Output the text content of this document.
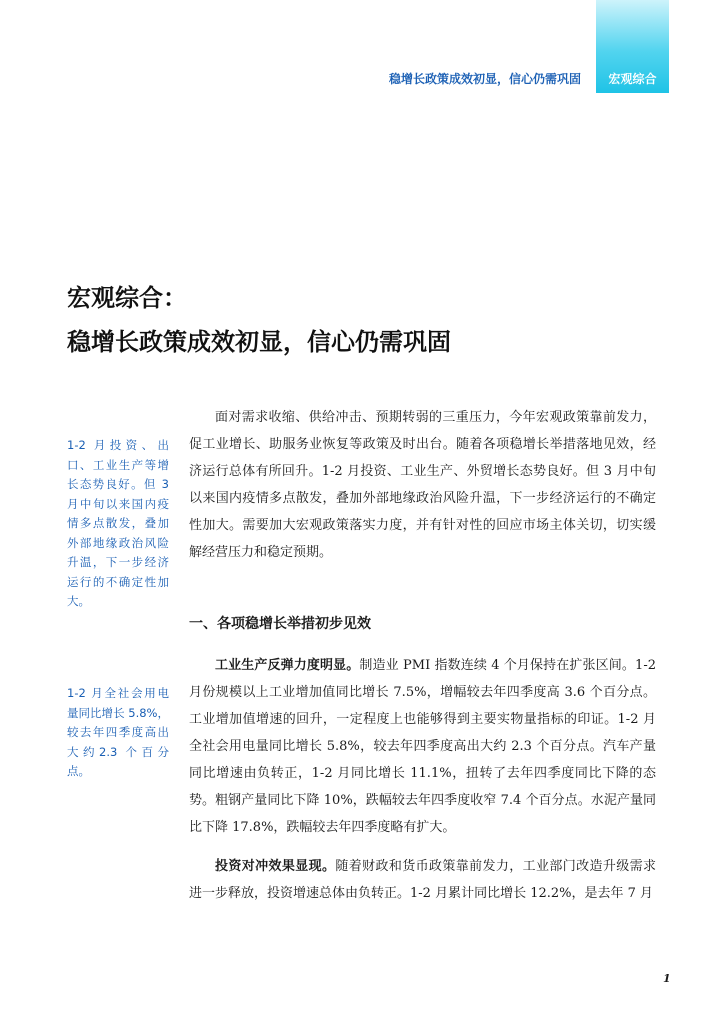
宏观综合
稳增长政策成效初显，信心仍需巩固
宏观综合：
稳增长政策成效初显，信心仍需巩固
1-2 月投资、出口、工业生产等增长态势良好。但 3 月中旬以来国内疫情多点散发，叠加外部地缘政治风险升温，下一步经济运行的不确定性加大。

面对需求收缩、供给冲击、预期转弱的三重压力，今年宏观政策靠前发力，促工业增长、助服务业恢复等政策及时出台。随着各项稳增长举措落地见效，经济运行总体有所回升。1-2 月投资、工业生产、外贸增长态势良好。但 3 月中旬以来国内疫情多点散发，叠加外部地缘政治风险升温，下一步经济运行的不确定性加大。需要加大宏观政策落实力度，并有针对性的回应市场主体关切，切实缓解经营压力和稳定预期。

一、各项稳增长举措初步见效
1-2 月全社会用电量同比增长 5.8%，较去年四季度高出大约2.3 个百分点。

工业生产反弹力度明显。制造业 PMI 指数连续 4 个月保持在扩张区间。1-2 月份规模以上工业增加值同比增长 7.5%，增幅较去年四季度高 3.6 个百分点。工业增加值增速的回升，一定程度上也能够得到主要实物量指标的印证。1-2 月全社会用电量同比增长 5.8%，较去年四季度高出大约 2.3 个百分点。汽车产量同比增速由负转正，1-2 月同比增长 11.1%，扭转了去年四季度同比下降的态势。粗钢产量同比下降 10%，跌幅较去年四季度收窄 7.4 个百分点。水泥产量同比下降 17.8%，跌幅较去年四季度略有扩大。

投资对冲效果显现。随着财政和货币政策靠前发力，工业部门改造升级需求进一步释放，投资增速总体由负转正。1-2 月累计同比增长 12.2%，是去年 7 月

1
